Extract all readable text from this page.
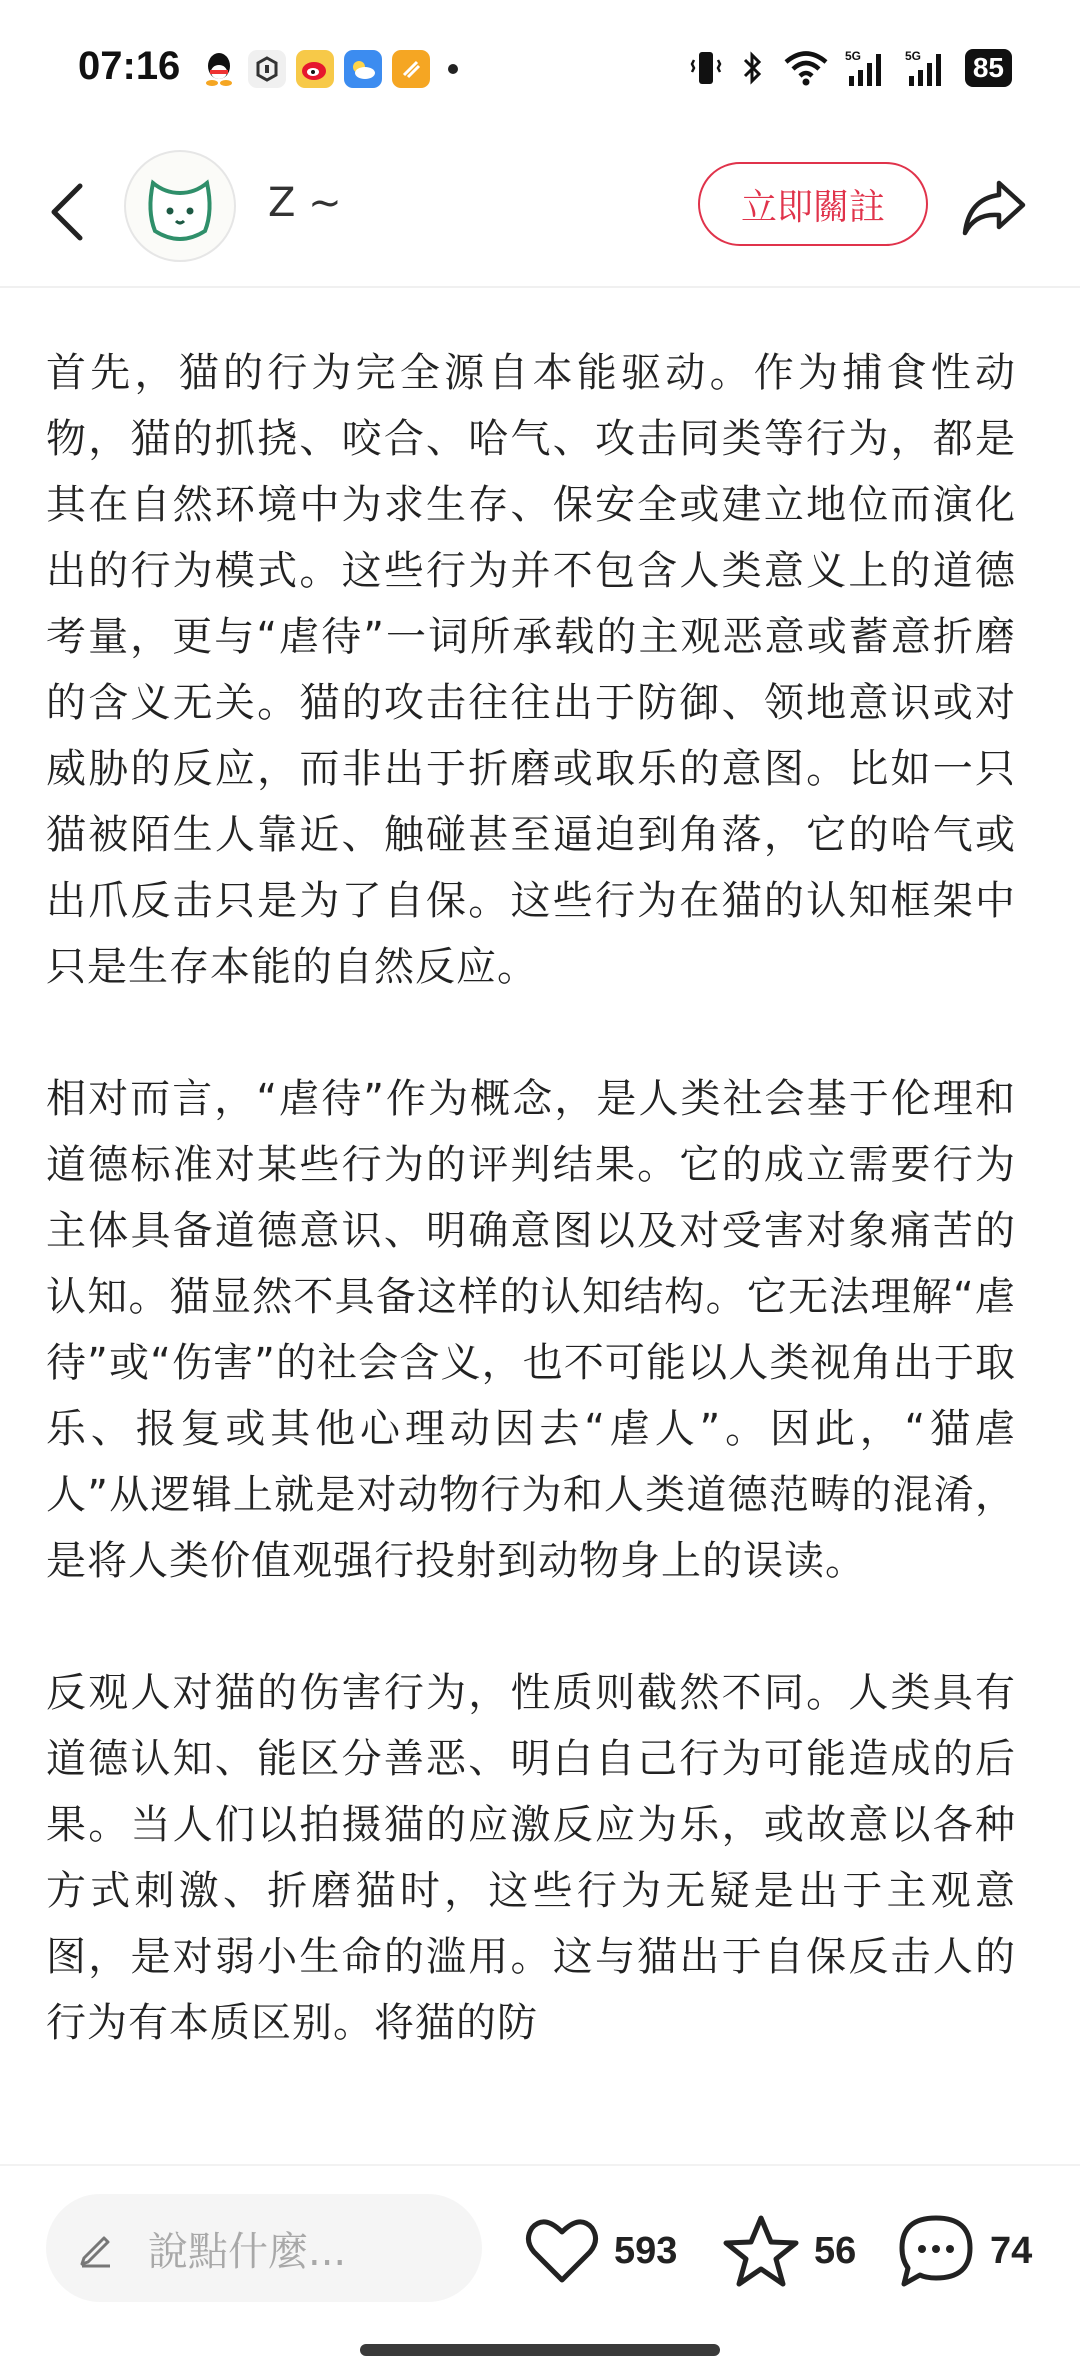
07:16	5G	5G 85
Z ~	立即關註

首先，猫的行为完全源自本能驱动。作为捕食性动物，猫的抓挠、咬合、哈气、攻击同类等行为，都是其在自然环境中为求生存、保安全或建立地位而演化出的行为模式。这些行为并不包含人类意义上的道德考量，更与“虐待”一词所承载的主观恶意或蓄意折磨的含义无关。猫的攻击往往出于防御、领地意识或对威胁的反应，而非出于折磨或取乐的意图。比如一只猫被陌生人靠近、触碰甚至逼迫到角落，它的哈气或出爪反击只是为了自保。这些行为在猫的认知框架中只是生存本能的自然反应。

相对而言，“虐待”作为概念，是人类社会基于伦理和道德标准对某些行为的评判结果。它的成立需要行为主体具备道德意识、明确意图以及对受害对象痛苦的认知。猫显然不具备这样的认知结构。它无法理解“虐待”或“伤害”的社会含义，也不可能以人类视角出于取乐、报复或其他心理动因去“虐人”。因此，“猫虐人”从逻辑上就是对动物行为和人类道德范畴的混淆，是将人类价值观强行投射到动物身上的误读。

反观人对猫的伤害行为，性质则截然不同。人类具有道德认知、能区分善恶、明白自己行为可能造成的后果。当人们以拍摄猫的应激反应为乐，或故意以各种方式刺激、折磨猫时，这些行为无疑是出于主观意图，是对弱小生命的滥用。这与猫出于自保反击人的行为有本质区别。将猫的防

說點什麼...	593	56	74
